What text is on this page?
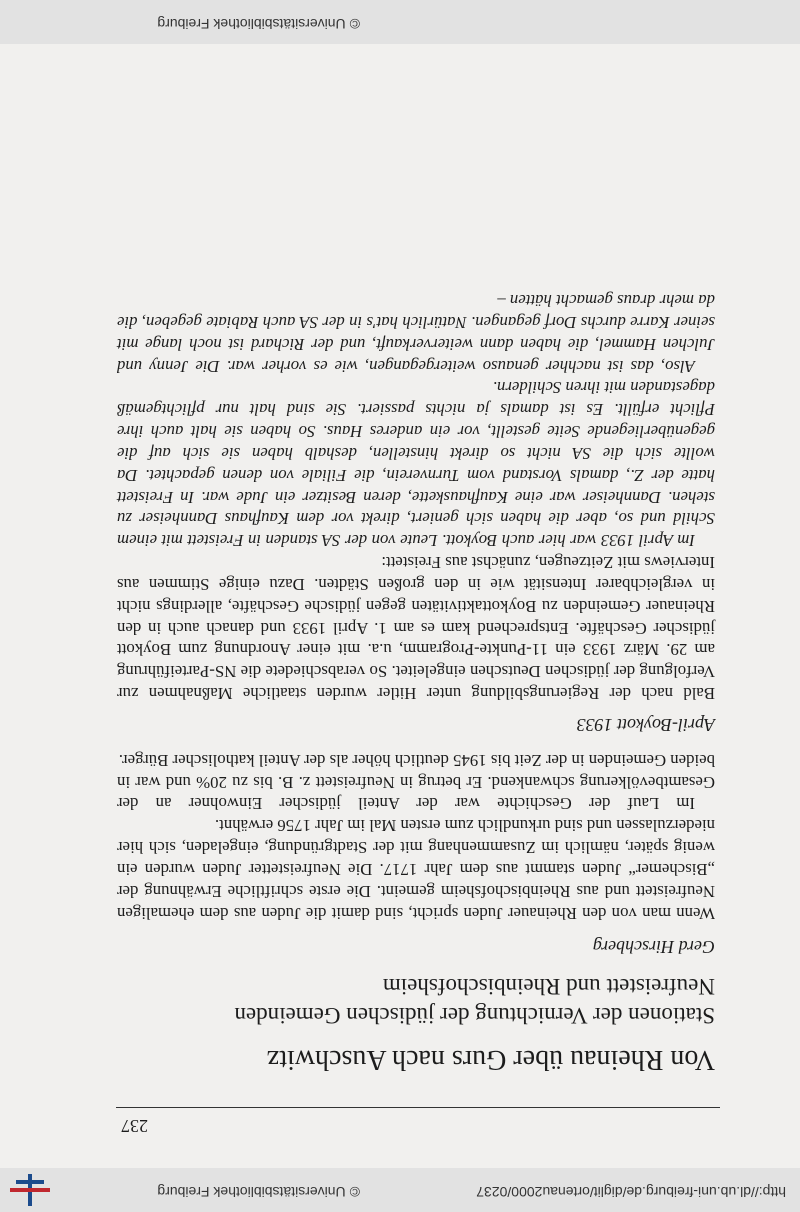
http://dl.ub.uni-freiburg.de/diglit/ortenau2000/0237
©Universitätsbibliothek Freiburg
237
Von Rheinau über Gurs nach Auschwitz
Stationen der Vernichtung der jüdischen Gemeinden
Neufreistett und Rheinbischofsheim
Gerd Hirschberg

Wenn man von den Rheinauer Juden spricht, sind damit die Juden aus dem ehemaligen Neufreistett und aus Rheinbischofsheim gemeint. Die erste schriftliche Erwähnung der „Bischemer“ Juden stammt aus dem Jahr 1717. Die Neufreistetter Juden wurden ein wenig später, nämlich im Zusammenhang mit der Stadtgründung, eingeladen, sich hier niederzulassen und sind urkundlich zum ersten Mal im Jahr 1756 erwähnt.

Im Lauf der Geschichte war der Anteil jüdischer Einwohner an der Gesamtbevölkerung schwankend. Er betrug in Neufreistett z. B. bis zu 20% und war in beiden Gemeinden in der Zeit bis 1945 deutlich höher als der Anteil katholischer Bürger.

April-Boykott 1933

Bald nach der Regierungsbildung unter Hitler wurden staatliche Maßnahmen zur Verfolgung der jüdischen Deutschen eingeleitet. So verabschiedete die NS-Parteiführung am 29. März 1933 ein 11-Punkte-Programm, u.a. mit einer Anordnung zum Boykott jüdischer Geschäfte. Entsprechend kam es am 1. April 1933 und danach auch in den Rheinauer Gemeinden zu Boykottaktivitäten gegen jüdische Geschäfte, allerdings nicht in vergleichbarer Intensität wie in den großen Städten. Dazu einige Stimmen aus Interviews mit Zeitzeugen, zunächst aus Freistett:

Im April 1933 war hier auch Boykott. Leute von der SA standen in Freistett mit einem Schild und so, aber die haben sich geniert, direkt vor dem Kaufhaus Dannheiser zu stehen. Dannheiser war eine Kaufhauskette, deren Besitzer ein Jude war. In Freistett hatte der Z., damals Vorstand vom Turnverein, die Filiale von denen gepachtet. Da wollte sich die SA nicht so direkt hinstellen, deshalb haben sie sich auf die gegenüberliegende Seite gestellt, vor ein anderes Haus. So haben sie halt auch ihre Pflicht erfüllt. Es ist damals ja nichts passiert. Sie sind halt nur pflichtgemäß dagestanden mit ihren Schildern.

Also, das ist nachher genauso weitergegangen, wie es vorher war. Die Jenny und Julchen Hammel, die haben dann weiterverkauft, und der Richard ist noch lange mit seiner Karre durchs Dorf gegangen. Natürlich hat's in der SA auch Rabiate gegeben, die da mehr draus gemacht hätten –

©Universitätsbibliothek Freiburg
